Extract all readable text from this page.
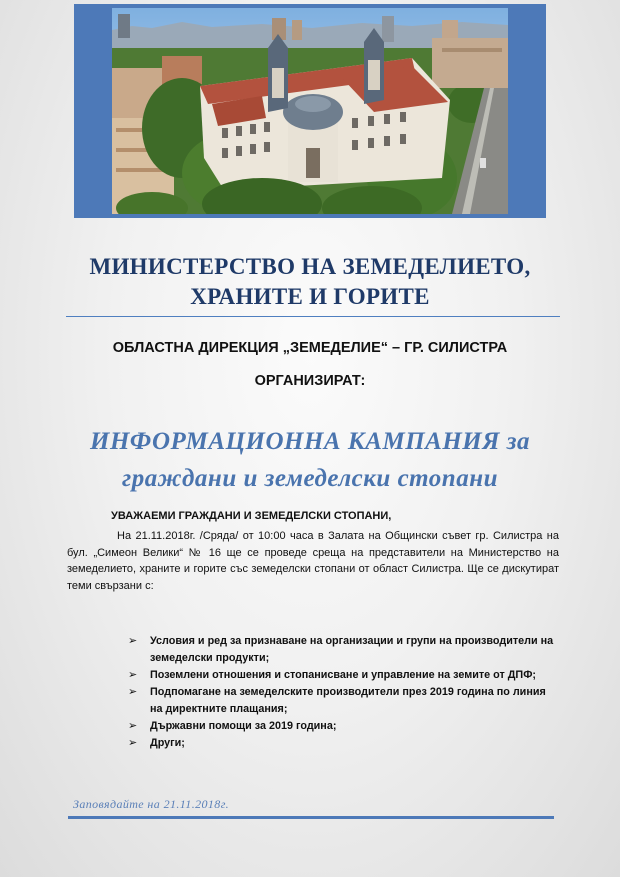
МИНИСТЕРСТВО НА ЗЕМЕДЕЛИЕТО,
ХРАНИТЕ И ГОРИТЕ
ОБЛАСТНА ДИРЕКЦИЯ „ЗЕМЕДЕЛИЕ“ – ГР. СИЛИСТРА
ОРГАНИЗИРАТ:
ИНФОРМАЦИОННА КАМПАНИЯ за
граждани и земеделски стопани
УВАЖАЕМИ ГРАЖДАНИ И ЗЕМЕДЕЛСКИ СТОПАНИ,

На 21.11.2018г. /Сряда/ от 10:00 часа в Залата на Общински съвет гр. Силистра на бул. „Симеон Велики“ № 16 ще се проведе среща на представители на Министерство на земеделието, храните и горите със земеделски стопани от област Силистра. Ще се дискутират теми свързани с:

➢ Условия и ред за признаване на организации и групи на производители на земеделски продукти;
➢ Поземлени отношения и стопанисване и управление на земите от ДПФ;
➢ Подпомагане на земеделските производители през 2019 година по линия на директните плащания;
➢ Държавни помощи за 2019 година;
➢ Други;
Заповядайте на 21.11.2018г.
